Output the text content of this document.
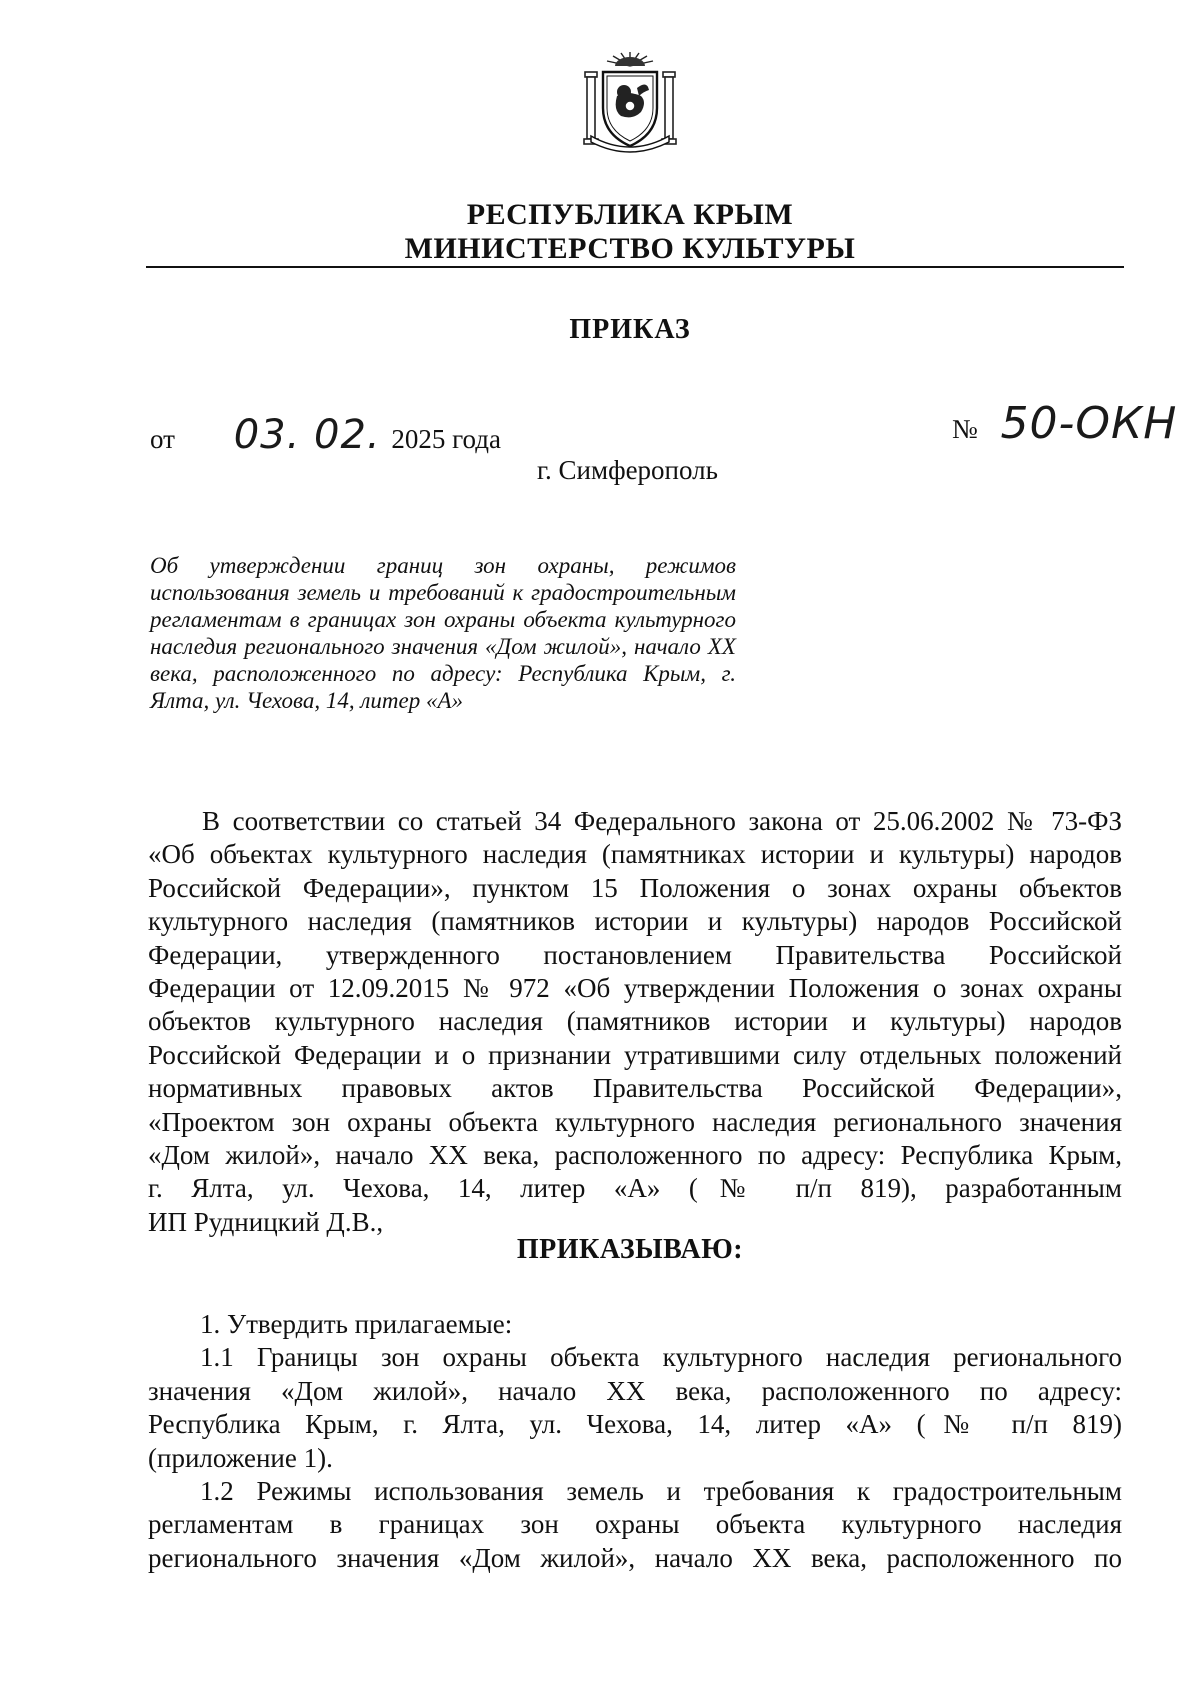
РЕСПУБЛИКА КРЫМ
МИНИСТЕРСТВО КУЛЬТУРЫ
ПРИКАЗ
от 03. 02. 2025 года	№ 50-ОКН
г. Симферополь
Об утверждении границ зон охраны, режимов использования земель и требований к градостроительным регламентам в границах зон охраны объекта культурного наследия регионального значения «Дом жилой», начало XX века, расположенного по адресу: Республика Крым, г. Ялта, ул. Чехова, 14, литер «А»
В соответствии со статьей 34 Федерального закона от 25.06.2002 № 73-ФЗ
«Об объектах культурного наследия (памятниках истории и культуры) народов
Российской Федерации», пунктом 15 Положения о зонах охраны объектов
культурного наследия (памятников истории и культуры) народов Российской
Федерации, утвержденного постановлением Правительства Российской
Федерации от 12.09.2015 № 972 «Об утверждении Положения о зонах охраны
объектов культурного наследия (памятников истории и культуры) народов
Российской Федерации и о признании утратившими силу отдельных положений
нормативных правовых актов Правительства Российской Федерации»,
«Проектом зон охраны объекта культурного наследия регионального значения
«Дом жилой», начало XX века, расположенного по адресу: Республика Крым,
г. Ялта, ул. Чехова, 14, литер «А» (№ п/п 819), разработанным
ИП Рудницкий Д.В.,
ПРИКАЗЫВАЮ:
1. Утвердить прилагаемые:
1.1 Границы зон охраны объекта культурного наследия регионального
значения «Дом жилой», начало XX века, расположенного по адресу:
Республика Крым, г. Ялта, ул. Чехова, 14, литер «А» (№ п/п 819)
(приложение 1).
1.2 Режимы использования земель и требования к градостроительным
регламентам в границах зон охраны объекта культурного наследия
регионального значения «Дом жилой», начало XX века, расположенного по
